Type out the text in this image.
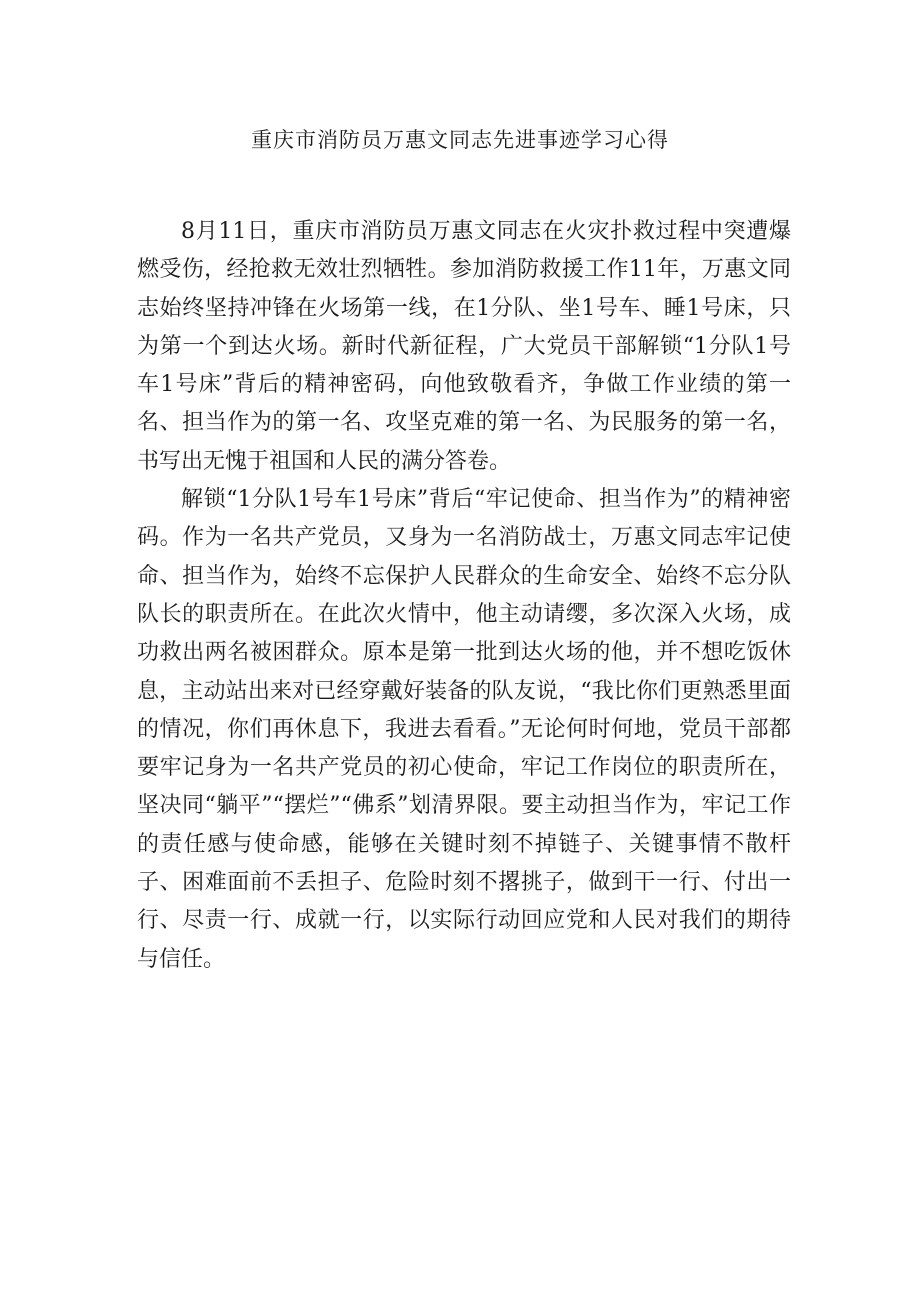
重庆市消防员万惠文同志先进事迹学习心得

8月11日，重庆市消防员万惠文同志在火灾扑救过程中突遭爆燃受伤，经抢救无效壮烈牺牲。参加消防救援工作11年，万惠文同志始终坚持冲锋在火场第一线，在1分队、坐1号车、睡1号床，只为第一个到达火场。新时代新征程，广大党员干部解锁“1分队1号车1号床”背后的精神密码，向他致敬看齐，争做工作业绩的第一名、担当作为的第一名、攻坚克难的第一名、为民服务的第一名，书写出无愧于祖国和人民的满分答卷。

解锁“1分队1号车1号床”背后“牢记使命、担当作为”的精神密码。作为一名共产党员，又身为一名消防战士，万惠文同志牢记使命、担当作为，始终不忘保护人民群众的生命安全、始终不忘分队队长的职责所在。在此次火情中，他主动请缨，多次深入火场，成功救出两名被困群众。原本是第一批到达火场的他，并不想吃饭休息，主动站出来对已经穿戴好装备的队友说，“我比你们更熟悉里面的情况，你们再休息下，我进去看看。”无论何时何地，党员干部都要牢记身为一名共产党员的初心使命，牢记工作岗位的职责所在，坚决同“躺平”“摆烂”“佛系”划清界限。要主动担当作为，牢记工作的责任感与使命感，能够在关键时刻不掉链子、关键事情不散杆子、困难面前不丢担子、危险时刻不撂挑子，做到干一行、付出一行、尽责一行、成就一行，以实际行动回应党和人民对我们的期待与信任。
